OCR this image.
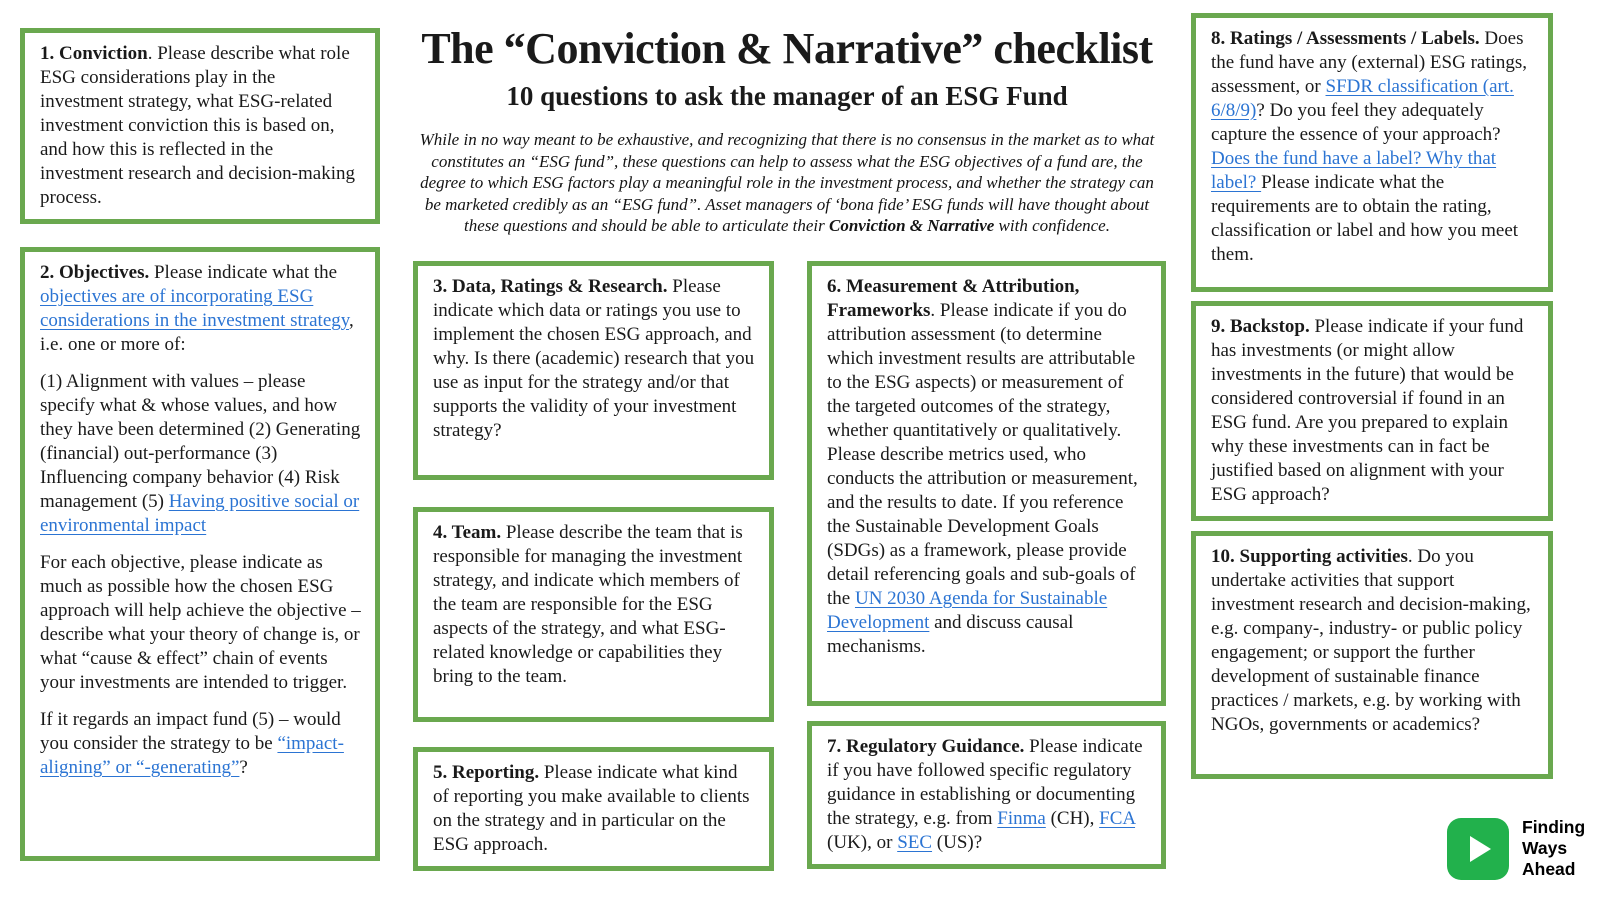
The “Conviction & Narrative” checklist
10 questions to ask the manager of an ESG Fund

While in no way meant to be exhaustive, and recognizing that there is no consensus in the market as to what constitutes an “ESG fund”, these questions can help to assess what the ESG objectives of a fund are, the degree to which ESG factors play a meaningful role in the investment process, and whether the strategy can be marketed credibly as an “ESG fund”. Asset managers of ‘bona fide’ ESG funds will have thought about these questions and should be able to articulate their Conviction & Narrative with confidence.

1. Conviction. Please describe what role ESG considerations play in the investment strategy, what ESG-related investment conviction this is based on, and how this is reflected in the investment research and decision-making process.

2. Objectives. Please indicate what the objectives are of incorporating ESG considerations in the investment strategy, i.e. one or more of:

(1) Alignment with values – please specify what & whose values, and how they have been determined (2) Generating (financial) out-performance (3) Influencing company behavior (4) Risk management (5) Having positive social or environmental impact

For each objective, please indicate as much as possible how the chosen ESG approach will help achieve the objective – describe what your theory of change is, or what “cause & effect” chain of events your investments are intended to trigger.

If it regards an impact fund (5) – would you consider the strategy to be “impact-aligning” or “-generating”?

3. Data, Ratings & Research. Please indicate which data or ratings you use to implement the chosen ESG approach, and why. Is there (academic) research that you use as input for the strategy and/or that supports the validity of your investment strategy?

4. Team. Please describe the team that is responsible for managing the investment strategy, and indicate which members of the team are responsible for the ESG aspects of the strategy, and what ESG-related knowledge or capabilities they bring to the team.

5. Reporting. Please indicate what kind of reporting you make available to clients on the strategy and in particular on the ESG approach.

6. Measurement & Attribution, Frameworks. Please indicate if you do attribution assessment (to determine which investment results are attributable to the ESG aspects) or measurement of the targeted outcomes of the strategy, whether quantitatively or qualitatively. Please describe metrics used, who conducts the attribution or measurement, and the results to date. If you reference the Sustainable Development Goals (SDGs) as a framework, please provide detail referencing goals and sub-goals of the UN 2030 Agenda for Sustainable Development and discuss causal mechanisms.

7. Regulatory Guidance. Please indicate if you have followed specific regulatory guidance in establishing or documenting the strategy, e.g. from Finma (CH), FCA (UK), or SEC (US)?

8. Ratings / Assessments / Labels. Does the fund have any (external) ESG ratings, assessment, or SFDR classification (art. 6/8/9)? Do you feel they adequately capture the essence of your approach? Does the fund have a label? Why that label? Please indicate what the requirements are to obtain the rating, classification or label and how you meet them.

9. Backstop. Please indicate if your fund has investments (or might allow investments in the future) that would be considered controversial if found in an ESG fund. Are you prepared to explain why these investments can in fact be justified based on alignment with your ESG approach?

10. Supporting activities. Do you undertake activities that support investment research and decision-making, e.g. company-, industry- or public policy engagement; or support the further development of sustainable finance practices / markets, e.g. by working with NGOs, governments or academics?

Finding
Ways
Ahead
